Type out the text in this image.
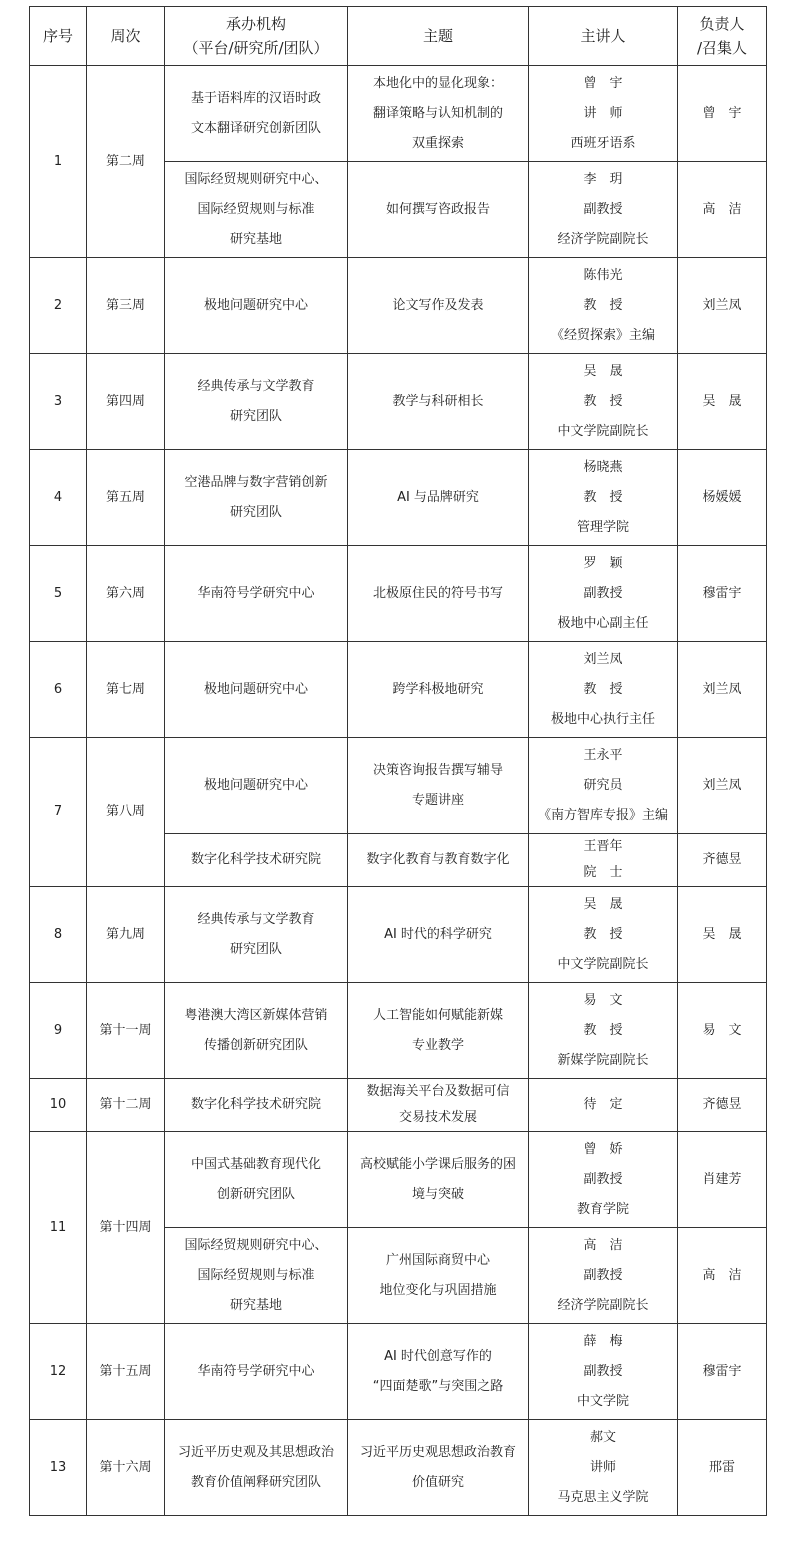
序号	周次	承办机构
（平台/研究所/团队）	主题	主讲人	负责人
/召集人
1	第二周	基于语料库的汉语时政
文本翻译研究创新团队	本地化中的显化现象：
翻译策略与认知机制的
双重探索	曾　宇
讲　师
西班牙语系	曾　宇
		国际经贸规则研究中心、
国际经贸规则与标准
研究基地	如何撰写咨政报告	李　玥
副教授
经济学院副院长	高　洁
2	第三周	极地问题研究中心	论文写作及发表	陈伟光
教　授
《经贸探索》主编	刘兰凤
3	第四周	经典传承与文学教育
研究团队	教学与科研相长	吴　晟
教　授
中文学院副院长	吴　晟
4	第五周	空港品牌与数字营销创新
研究团队	AI 与品牌研究	杨晓燕
教　授
管理学院	杨媛媛
5	第六周	华南符号学研究中心	北极原住民的符号书写	罗　颖
副教授
极地中心副主任	穆雷宇
6	第七周	极地问题研究中心	跨学科极地研究	刘兰凤
教　授
极地中心执行主任	刘兰凤
7	第八周	极地问题研究中心	决策咨询报告撰写辅导
专题讲座	王永平
研究员
《南方智库专报》主编	刘兰凤
		数字化科学技术研究院	数字化教育与教育数字化	王晋年
院　士	齐德昱
8	第九周	经典传承与文学教育
研究团队	AI 时代的科学研究	吴　晟
教　授
中文学院副院长	吴　晟
9	第十一周	粤港澳大湾区新媒体营销
传播创新研究团队	人工智能如何赋能新媒
专业教学	易　文
教　授
新媒学院副院长	易　文
10	第十二周	数字化科学技术研究院	数据海关平台及数据可信
交易技术发展	待　定	齐德昱
11	第十四周	中国式基础教育现代化
创新研究团队	高校赋能小学课后服务的困
境与突破	曾　娇
副教授
教育学院	肖建芳
		国际经贸规则研究中心、
国际经贸规则与标准
研究基地	广州国际商贸中心
地位变化与巩固措施	高　洁
副教授
经济学院副院长	高　洁
12	第十五周	华南符号学研究中心	AI 时代创意写作的
“四面楚歌”与突围之路	薛　梅
副教授
中文学院	穆雷宇
13	第十六周	习近平历史观及其思想政治
教育价值阐释研究团队	习近平历史观思想政治教育
价值研究	郝文
讲师
马克思主义学院	邢雷
